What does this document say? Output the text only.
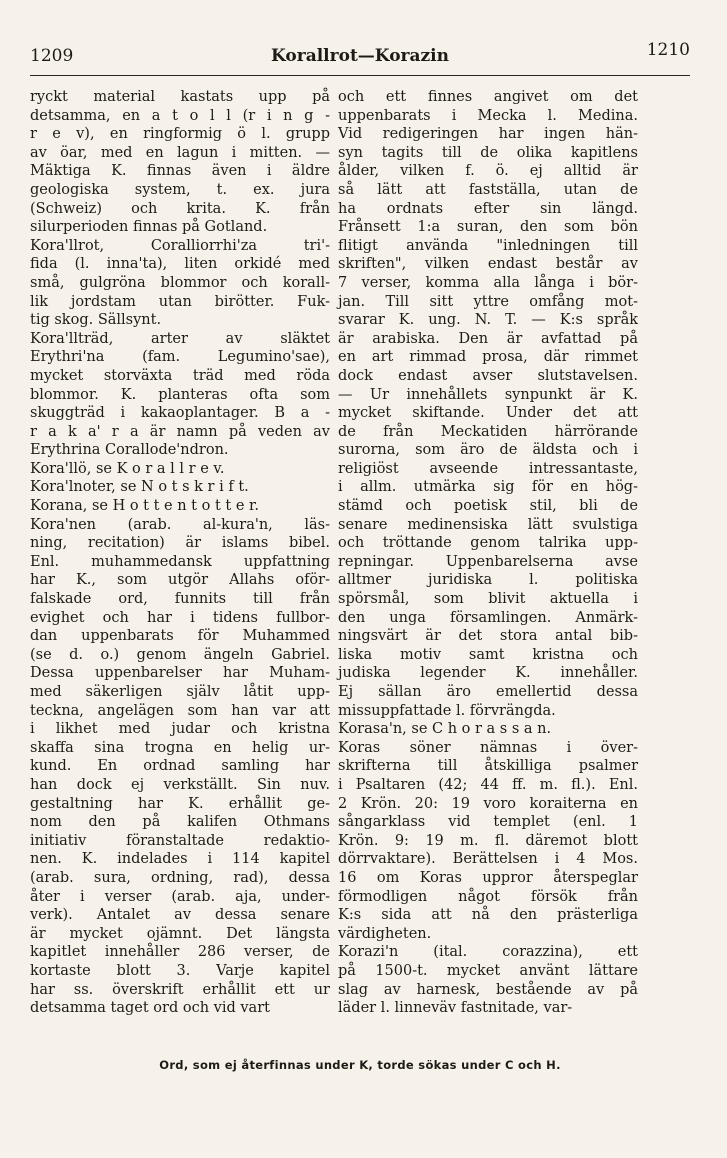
1209	Korallrot—Korazin	1210
ryckt material kastats upp på
detsamma, en a t o l l (r i n g -
r e v), en ringformig ö l. grupp
av öar, med en lagun i mitten. —
Mäktiga K. finnas även i äldre
geologiska system, t. ex. jura
(Schweiz) och krita. K. från
silurperioden finnas på Gotland.
Kora'llrot, Coralliorrhi'za tri'-
fida (l. inna'ta), liten orkidé med
små, gulgröna blommor och korall-
lik jordstam utan birötter. Fuk-
tig skog. Sällsynt.
Kora'llträd, arter av släktet
Erythri'na (fam. Legumino'sae),
mycket storväxta träd med röda
blommor. K. planteras ofta som
skuggträd i kakaoplantager. B a -
r a k a' r a är namn på veden av
Erythrina Corallode'ndron.
Kora'llö, se K o r a l l r e v.
Kora'lnoter, se N o t s k r i f t.
Korana, se H o t t e n t o t t e r.
Kora'nen (arab. al-kura'n, läs-
ning, recitation) är islams bibel.
Enl. muhammedansk uppfattning
har K., som utgör Allahs oför-
falskade ord, funnits till från
evighet och har i tidens fullbor-
dan uppenbarats för Muhammed
(se d. o.) genom ängeln Gabriel.
Dessa uppenbarelser har Muham-
med säkerligen själv låtit upp-
teckna, angelägen som han var att
i likhet med judar och kristna
skaffa sina trogna en helig ur-
kund. En ordnad samling har
han dock ej verkställt. Sin nuv.
gestaltning har K. erhållit ge-
nom den på kalifen Othmans
initiativ föranstaltade redaktio-
nen. K. indelades i 114 kapitel
(arab. sura, ordning, rad), dessa
åter i verser (arab. aja, under-
verk). Antalet av dessa senare
är mycket ojämnt. Det längsta
kapitlet innehåller 286 verser, de
kortaste blott 3. Varje kapitel
har ss. överskrift erhållit ett ur
detsamma taget ord och vid vart
och ett finnes angivet om det
uppenbarats i Mecka l. Medina.
Vid redigeringen har ingen hän-
syn tagits till de olika kapitlens
ålder, vilken f. ö. ej alltid är
så lätt att fastställa, utan de
ha ordnats efter sin längd.
Frånsett 1:a suran, den som bön
flitigt använda "inledningen till
skriften", vilken endast består av
7 verser, komma alla långa i bör-
jan. Till sitt yttre omfång mot-
svarar K. ung. N. T. — K:s språk
är arabiska. Den är avfattad på
en art rimmad prosa, där rimmet
dock endast avser slutstavelsen.
— Ur innehållets synpunkt är K.
mycket skiftande. Under det att
de från Meckatiden härrörande
surorna, som äro de äldsta och i
religiöst avseende intressantaste,
i allm. utmärka sig för en hög-
stämd och poetisk stil, bli de
senare medinensiska lätt svulstiga
och tröttande genom talrika upp-
repningar. Uppenbarelserna avse
alltmer juridiska l. politiska
spörsmål, som blivit aktuella i
den unga församlingen. Anmärk-
ningsvärt är det stora antal bib-
liska motiv samt kristna och
judiska legender K. innehåller.
Ej sällan äro emellertid dessa
missuppfattade l. förvrängda.
Korasa'n, se C h o r a s s a n.
Koras söner nämnas i över-
skrifterna till åtskilliga psalmer
i Psaltaren (42; 44 ff. m. fl.). Enl.
2 Krön. 20: 19 voro koraiterna en
sångarklass vid templet (enl. 1
Krön. 9: 19 m. fl. däremot blott
dörrvaktare). Berättelsen i 4 Mos.
16 om Koras uppror återspeglar
förmodligen något försök från
K:s sida att nå den prästerliga
värdigheten.
Korazi'n (ital. corazzina), ett
på 1500-t. mycket använt lättare
slag av harnesk, bestående av på
läder l. linneväv fastnitade, var-
Ord, som ej återfinnas under K, torde sökas under C och H.
